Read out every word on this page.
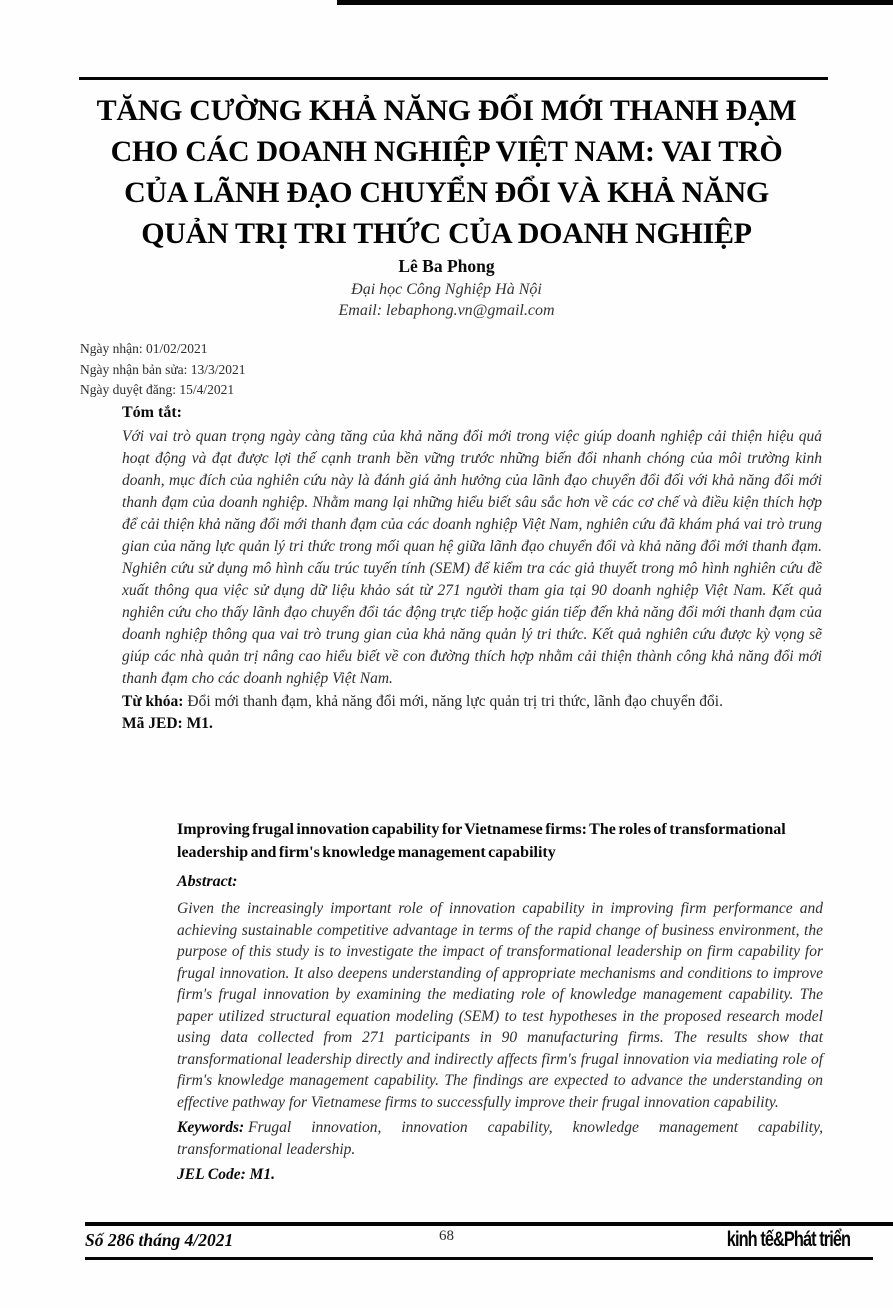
TĂNG CƯỜNG KHẢ NĂNG ĐỔI MỚI THANH ĐẠM
CHO CÁC DOANH NGHIỆP VIỆT NAM: VAI TRÒ
CỦA LÃNH ĐẠO CHUYỂN ĐỔI VÀ KHẢ NĂNG
QUẢN TRỊ TRI THỨC CỦA DOANH NGHIỆP
Lê Ba Phong
Đại học Công Nghiệp Hà Nội
Email: lebaphong.vn@gmail.com
Ngày nhận: 01/02/2021
Ngày nhận bản sửa: 13/3/2021
Ngày duyệt đăng: 15/4/2021
Tóm tắt:
Với vai trò quan trọng ngày càng tăng của khả năng đổi mới trong việc giúp doanh nghiệp cải thiện hiệu quả hoạt động và đạt được lợi thế cạnh tranh bền vững trước những biến đổi nhanh chóng của môi trường kinh doanh, mục đích của nghiên cứu này là đánh giá ảnh hưởng của lãnh đạo chuyển đổi đối với khả năng đổi mới thanh đạm của doanh nghiệp. Nhằm mang lại những hiểu biết sâu sắc hơn về các cơ chế và điều kiện thích hợp để cải thiện khả năng đổi mới thanh đạm của các doanh nghiệp Việt Nam, nghiên cứu đã khám phá vai trò trung gian của năng lực quản lý tri thức trong mối quan hệ giữa lãnh đạo chuyển đổi và khả năng đổi mới thanh đạm. Nghiên cứu sử dụng mô hình cấu trúc tuyến tính (SEM) để kiểm tra các giả thuyết trong mô hình nghiên cứu đề xuất thông qua việc sử dụng dữ liệu khảo sát từ 271 người tham gia tại 90 doanh nghiệp Việt Nam. Kết quả nghiên cứu cho thấy lãnh đạo chuyển đổi tác động trực tiếp hoặc gián tiếp đến khả năng đổi mới thanh đạm của doanh nghiệp thông qua vai trò trung gian của khả năng quản lý tri thức. Kết quả nghiên cứu được kỳ vọng sẽ giúp các nhà quản trị nâng cao hiểu biết về con đường thích hợp nhằm cải thiện thành công khả năng đổi mới thanh đạm cho các doanh nghiệp Việt Nam.
Từ khóa: Đổi mới thanh đạm, khả năng đổi mới, năng lực quản trị tri thức, lãnh đạo chuyển đổi.
Mã JED: M1.
Improving frugal innovation capability for Vietnamese firms: The roles of transformational
leadership and firm's knowledge management capability
Abstract:
Given the increasingly important role of innovation capability in improving firm performance and achieving sustainable competitive advantage in terms of the rapid change of business environment, the purpose of this study is to investigate the impact of transformational leadership on firm capability for frugal innovation. It also deepens understanding of appropriate mechanisms and conditions to improve firm's frugal innovation by examining the mediating role of knowledge management capability. The paper utilized structural equation modeling (SEM) to test hypotheses in the proposed research model using data collected from 271 participants in 90 manufacturing firms. The results show that transformational leadership directly and indirectly affects firm's frugal innovation via mediating role of firm's knowledge management capability. The findings are expected to advance the understanding on effective pathway for Vietnamese firms to successfully improve their frugal innovation capability.
Keywords: Frugal innovation, innovation capability, knowledge management capability, transformational leadership.
JEL Code: M1.
Số 286 tháng 4/2021	68	kinh tế&Phát triển
